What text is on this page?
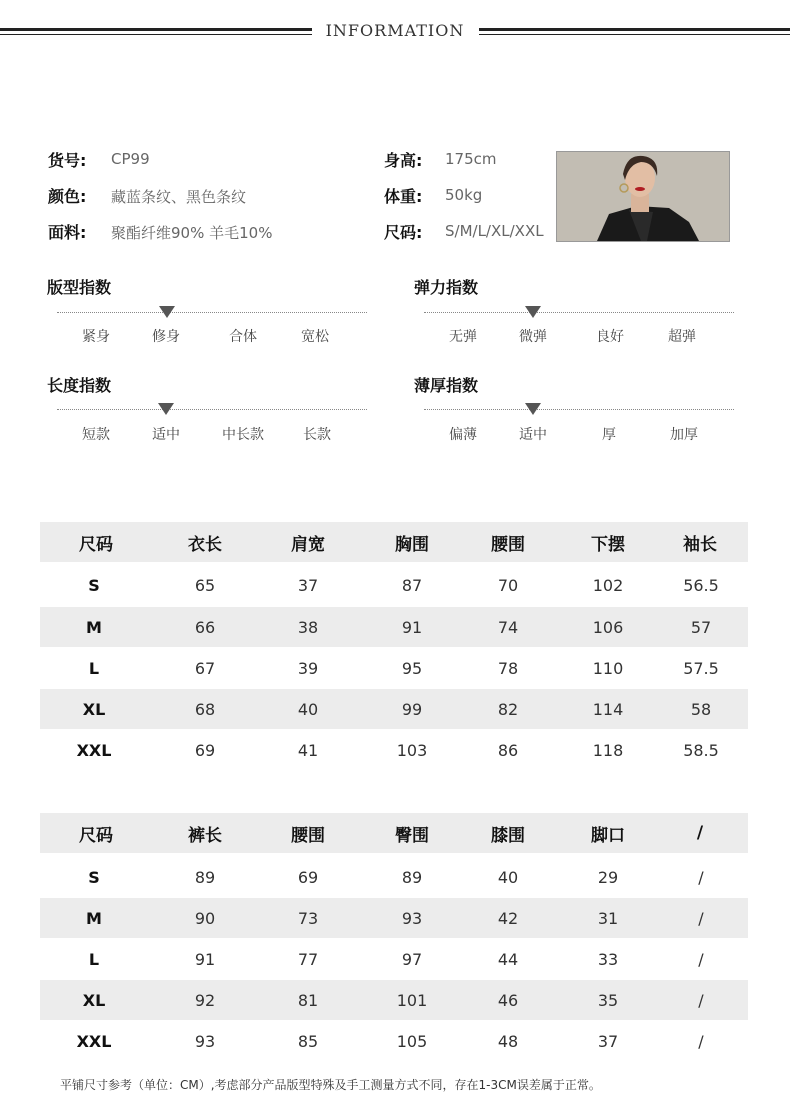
INFORMATION
货号: CP99
颜色: 藏蓝条纹、黑色条纹
面料: 聚酯纤维90% 羊毛10%
身高: 175cm
体重: 50kg
尺码: S/M/L/XL/XXL
版型指数
紧身	修身	合体	宽松
弹力指数
无弹	微弹	良好	超弹
长度指数
短款	适中	中长款	长款
薄厚指数
偏薄	适中	厚	加厚
尺码	衣长	肩宽	胸围	腰围	下摆	袖长
S	65	37	87	70	102	56.5
M	66	38	91	74	106	57
L	67	39	95	78	110	57.5
XL	68	40	99	82	114	58
XXL	69	41	103	86	118	58.5
尺码	裤长	腰围	臀围	膝围	脚口	/
S	89	69	89	40	29	/
M	90	73	93	42	31	/
L	91	77	97	44	33	/
XL	92	81	101	46	35	/
XXL	93	85	105	48	37	/
平铺尺寸参考（单位：CM）,考虑部分产品版型特殊及手工测量方式不同，存在1-3CM误差属于正常。
